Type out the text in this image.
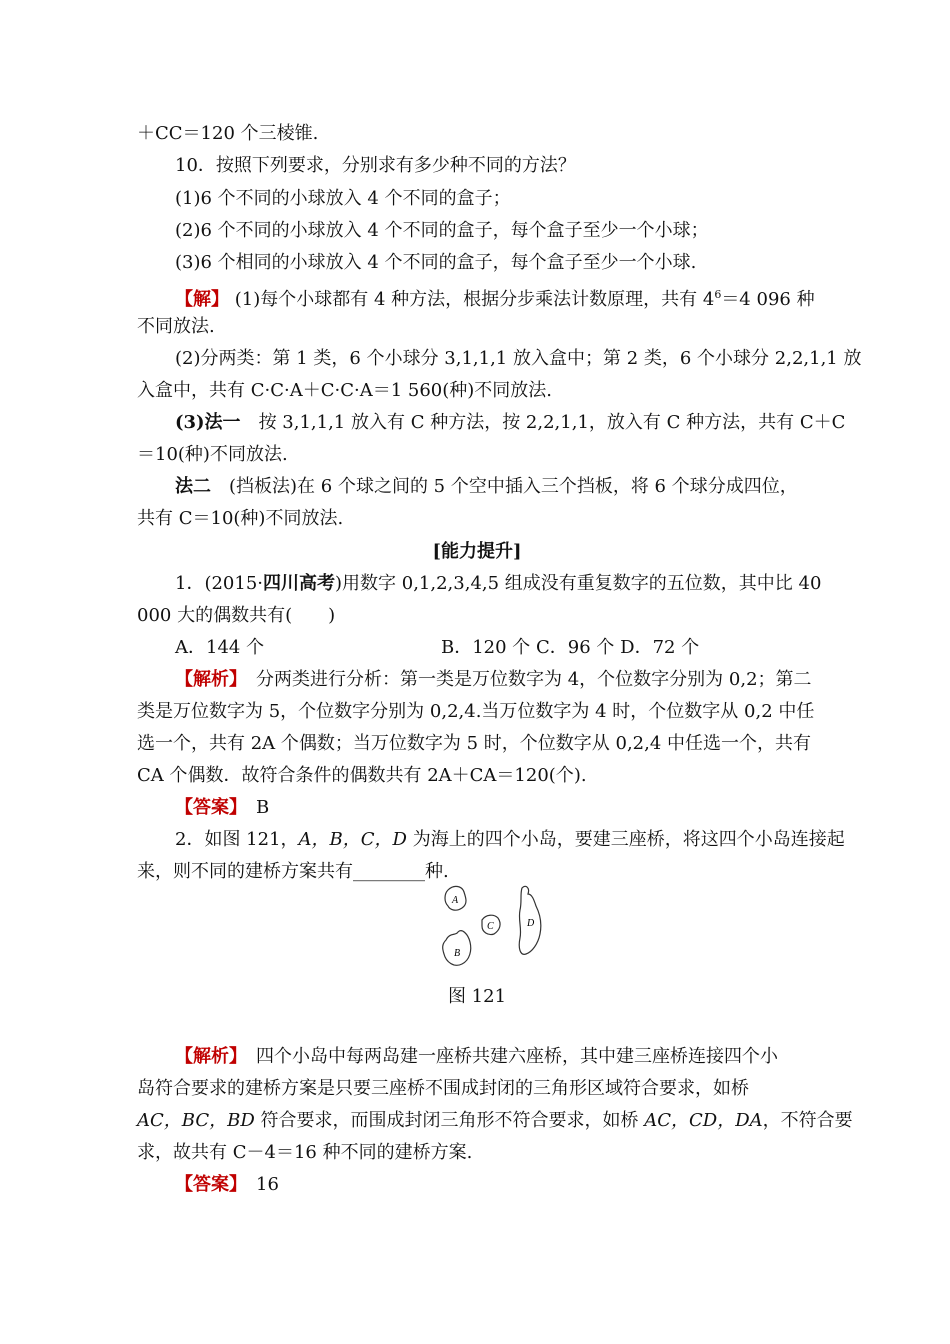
＋CC＝120 个三棱锥.
10．按照下列要求，分别求有多少种不同的方法？
(1)6 个不同的小球放入 4 个不同的盒子；
(2)6 个不同的小球放入 4 个不同的盒子，每个盒子至少一个小球；
(3)6 个相同的小球放入 4 个不同的盒子，每个盒子至少一个小球.
【解】 (1)每个小球都有 4 种方法，根据分步乘法计数原理，共有 $4^6=4$ 096 种
不同放法.
(2)分两类：第 1 类，6 个小球分 3,1,1,1 放入盒中；第 2 类，6 个小球分 2,2,1,1 放
入盒中，共有 C·C·A＋C·C·A＝1 560(种)不同放法.
(3)法一　 按 3,1,1,1 放入有 C 种方法，按 2,2,1,1，放入有 C 种方法，共有 C＋C
＝10(种)不同放法.
法二　 (挡板法)在 6 个球之间的 5 个空中插入三个挡板，将 6 个球分成四位，
共有 C＝10(种)不同放法.
[能力提升]
1．(2015·四川高考)用数字 0,1,2,3,4,5 组成没有重复数字的五位数，其中比 40
000 大的偶数共有(　　)
A．144 个	B．120 个 C．96 个 D．72 个
【解析】　 分两类进行分析：第一类是万位数字为 4，个位数字分别为 0,2；第二
类是万位数字为 5，个位数字分别为 0,2,4.当万位数字为 4 时，个位数字从 0,2 中任
选一个，共有 2A 个偶数；当万位数字为 5 时，个位数字从 0,2,4 中任选一个，共有
CA 个偶数．故符合条件的偶数共有 2A＋CA＝120(个).
【答案】　 B
2．如图 121，A，B，C，D 为海上的四个小岛，要建三座桥，将这四个小岛连接起
来，则不同的建桥方案共有________种.
A
B
C	D
图 121
【解析】　 四个小岛中每两岛建一座桥共建六座桥，其中建三座桥连接四个小
岛符合要求的建桥方案是只要三座桥不围成封闭的三角形区域符合要求，如桥
AC，BC，BD 符合要求，而围成封闭三角形不符合要求，如桥 AC，CD，DA，不符合要
求，故共有 C－4＝16 种不同的建桥方案.
【答案】　 16
